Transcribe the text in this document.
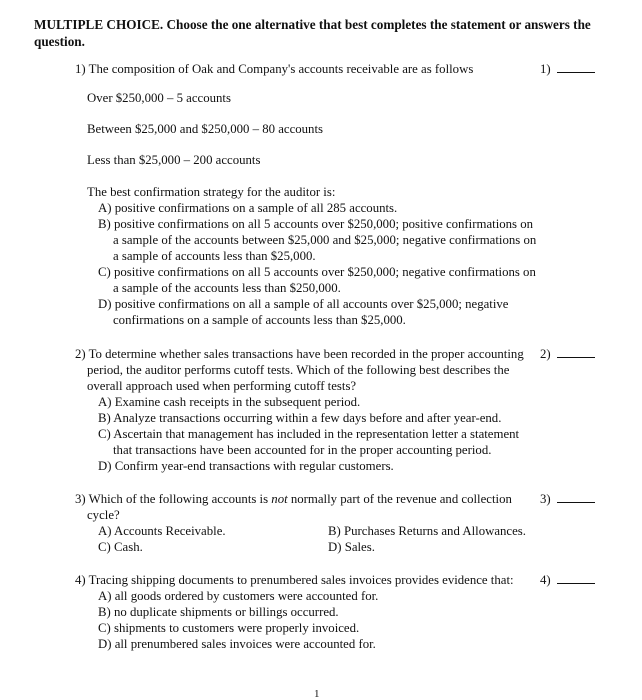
MULTIPLE CHOICE. Choose the one alternative that best completes the statement or answers the
question.
1) The composition of Oak and Company's accounts receivable are as follows	1)
Over $250,000 – 5 accounts
Between $25,000 and $250,000 – 80 accounts
Less than $25,000 – 200 accounts
The best confirmation strategy for the auditor is:
A) positive confirmations on a sample of all 285 accounts.
B) positive confirmations on all 5 accounts over $250,000; positive confirmations on
a sample of the accounts between $25,000 and $25,000; negative confirmations on
a sample of accounts less than $25,000.
C) positive confirmations on all 5 accounts over $250,000; negative confirmations on
a sample of the accounts less than $250,000.
D) positive confirmations on all a sample of all accounts over $25,000; negative
confirmations on a sample of accounts less than $25,000.
2) To determine whether sales transactions have been recorded in the proper accounting 2)
period, the auditor performs cutoff tests. Which of the following best describes the
overall approach used when performing cutoff tests?
A) Examine cash receipts in the subsequent period.
B) Analyze transactions occurring within a few days before and after year-end.
C) Ascertain that management has included in the representation letter a statement
that transactions have been accounted for in the proper accounting period.
D) Confirm year-end transactions with regular customers.
3) Which of the following accounts is not normally part of the revenue and collection 3)
cycle?
A) Accounts Receivable.	B) Purchases Returns and Allowances.
C) Cash.	D) Sales.
4) Tracing shipping documents to prenumbered sales invoices provides evidence that: 4)
A) all goods ordered by customers were accounted for.
B) no duplicate shipments or billings occurred.
C) shipments to customers were properly invoiced.
D) all prenumbered sales invoices were accounted for.
1
